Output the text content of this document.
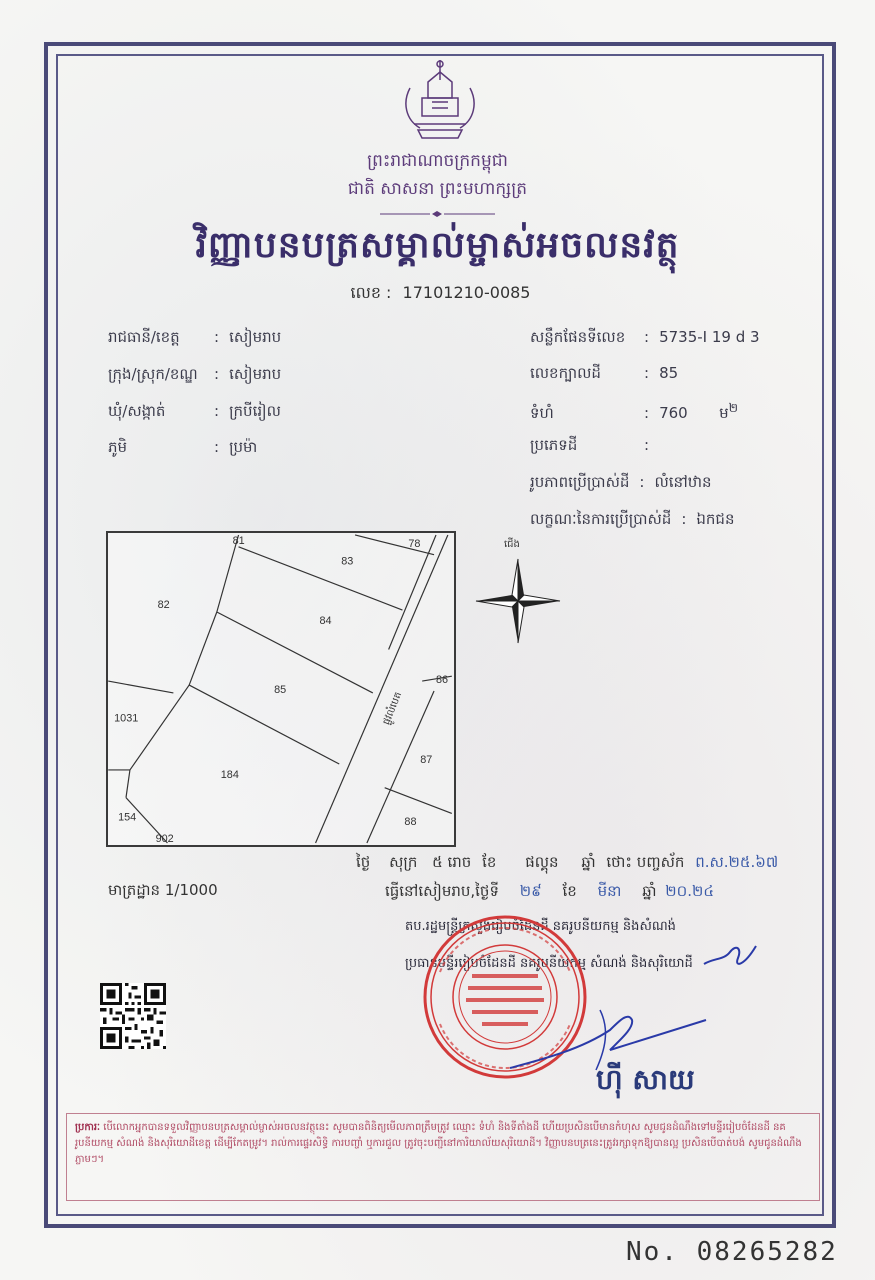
ព្រះរាជាណាចក្រកម្ពុជា
ជាតិ សាសនា ព្រះមហាក្សត្រ
វិញ្ញាបនបត្រសម្គាល់ម្ចាស់អចលនវត្ថុ
លេខ : 17101210-0085
រាជធានី/ខេត្ត : សៀមរាប
ក្រុង/ស្រុក/ខណ្ឌ : សៀមរាប
ឃុំ/សង្កាត់	: ក្របីរៀល
ភូមិ	: ប្រម៉ា
សន្លឹកផែនទីលេខ : 5735-I 19 d 3
លេខក្បាលដី	: 85
ទំហំ	: 760 ម$^២$
ប្រភេទដី	:
រូបភាពប្រើប្រាស់ដី : លំនៅឋាន
លក្ខណៈនៃការប្រើប្រាស់ដី : ឯកជន
81	78
83
82
84
86
85
1031
87
184
154	88
902
ផ្លូវលំបេត
ជើង
ថ្ងៃ សុក្រ ៥ រោច ខែ ផល្គុន ឆ្នាំ ថោះ បញ្ចស័ក ព.ស.២៥.៦៧
ធ្វើនៅសៀមរាប,ថ្ងៃទី ២៩ ខែ មីនា ឆ្នាំ ២០.២៤
មាត្រដ្ឋាន 1/1000
តប.រដ្ឋមន្ត្រីក្រសួងរៀបចំដែនដី នគរូបនីយកម្ម និងសំណង់
ប្រធានមន្ទីររៀបចំដែនដី នគរូបនីយកម្ម សំណង់ និងសុរិយោដី
ហ៊ី សាយ
ប្រការៈ បើលោកអ្នកបានទទួលវិញ្ញាបនបត្រសម្គាល់ម្ចាស់អចលនវត្ថុនេះ សូមបានពិនិត្យមើលភាពត្រឹមត្រូវ ឈ្មោះ ទំហំ និងទីតាំងដី ហើយប្រសិនបើមានកំហុស សូមជូនដំណឹងទៅមន្ទីររៀបចំដែនដី នគរូបនីយកម្ម សំណង់ និងសុរិយោដីខេត្ត ដើម្បីកែតម្រូវ។ រាល់ការផ្ទេរសិទ្ធិ ការបញ្ចាំ ឬការជួល ត្រូវចុះបញ្ជីនៅការិយាល័យសុរិយោដី។ វិញ្ញាបនបត្រនេះត្រូវរក្សាទុកឱ្យបានល្អ ប្រសិនបើបាត់បង់ សូមជូនដំណឹងភ្លាមៗ។
No. 08265282
